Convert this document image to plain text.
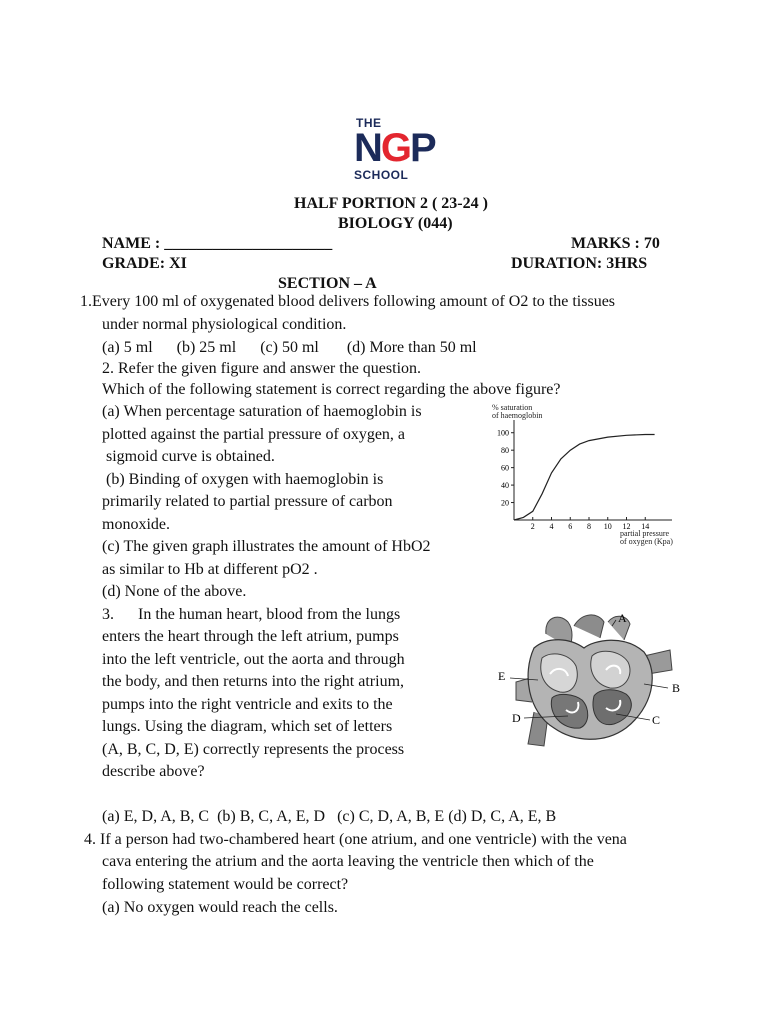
THE
NGP
SCHOOL
HALF PORTION 2 ( 23-24 )
BIOLOGY (044)
NAME : _____________________	MARKS : 70
GRADE: XI	DURATION: 3HRS
SECTION – A
1.Every 100 ml of oxygenated blood delivers following amount of O2 to the tissues
under normal physiological condition.
(a) 5 ml      (b) 25 ml      (c) 50 ml       (d) More than 50 ml
2. Refer the given figure and answer the question.
Which of the following statement is correct regarding the above figure?
(a) When percentage saturation of haemoglobin is
plotted against the partial pressure of oxygen, a
sigmoid curve is obtained.
(b) Binding of oxygen with haemoglobin is
primarily related to partial pressure of carbon
monoxide.
(c) The given graph illustrates the amount of HbO2
as similar to Hb at different pO2 .
(d) None of the above.
% saturation
of haemoglobin
20
40
60
80
100
2 4 6 8 10 12 14
partial pressure
of oxygen (Kpa)
3.      In the human heart, blood from the lungs
enters the heart through the left atrium, pumps
into the left ventricle, out the aorta and through
the body, and then returns into the right atrium,
pumps into the right ventricle and exits to the
lungs. Using the diagram, which set of letters
(A, B, C, D, E) correctly represents the process
describe above?
(a) E, D, A, B, C  (b) B, C, A, E, D   (c) C, D, A, B, E (d) D, C, A, E, B
A
B
C
D
E
4. If a person had two-chambered heart (one atrium, and one ventricle) with the vena
cava entering the atrium and the aorta leaving the ventricle then which of the
following statement would be correct?
(a) No oxygen would reach the cells.
